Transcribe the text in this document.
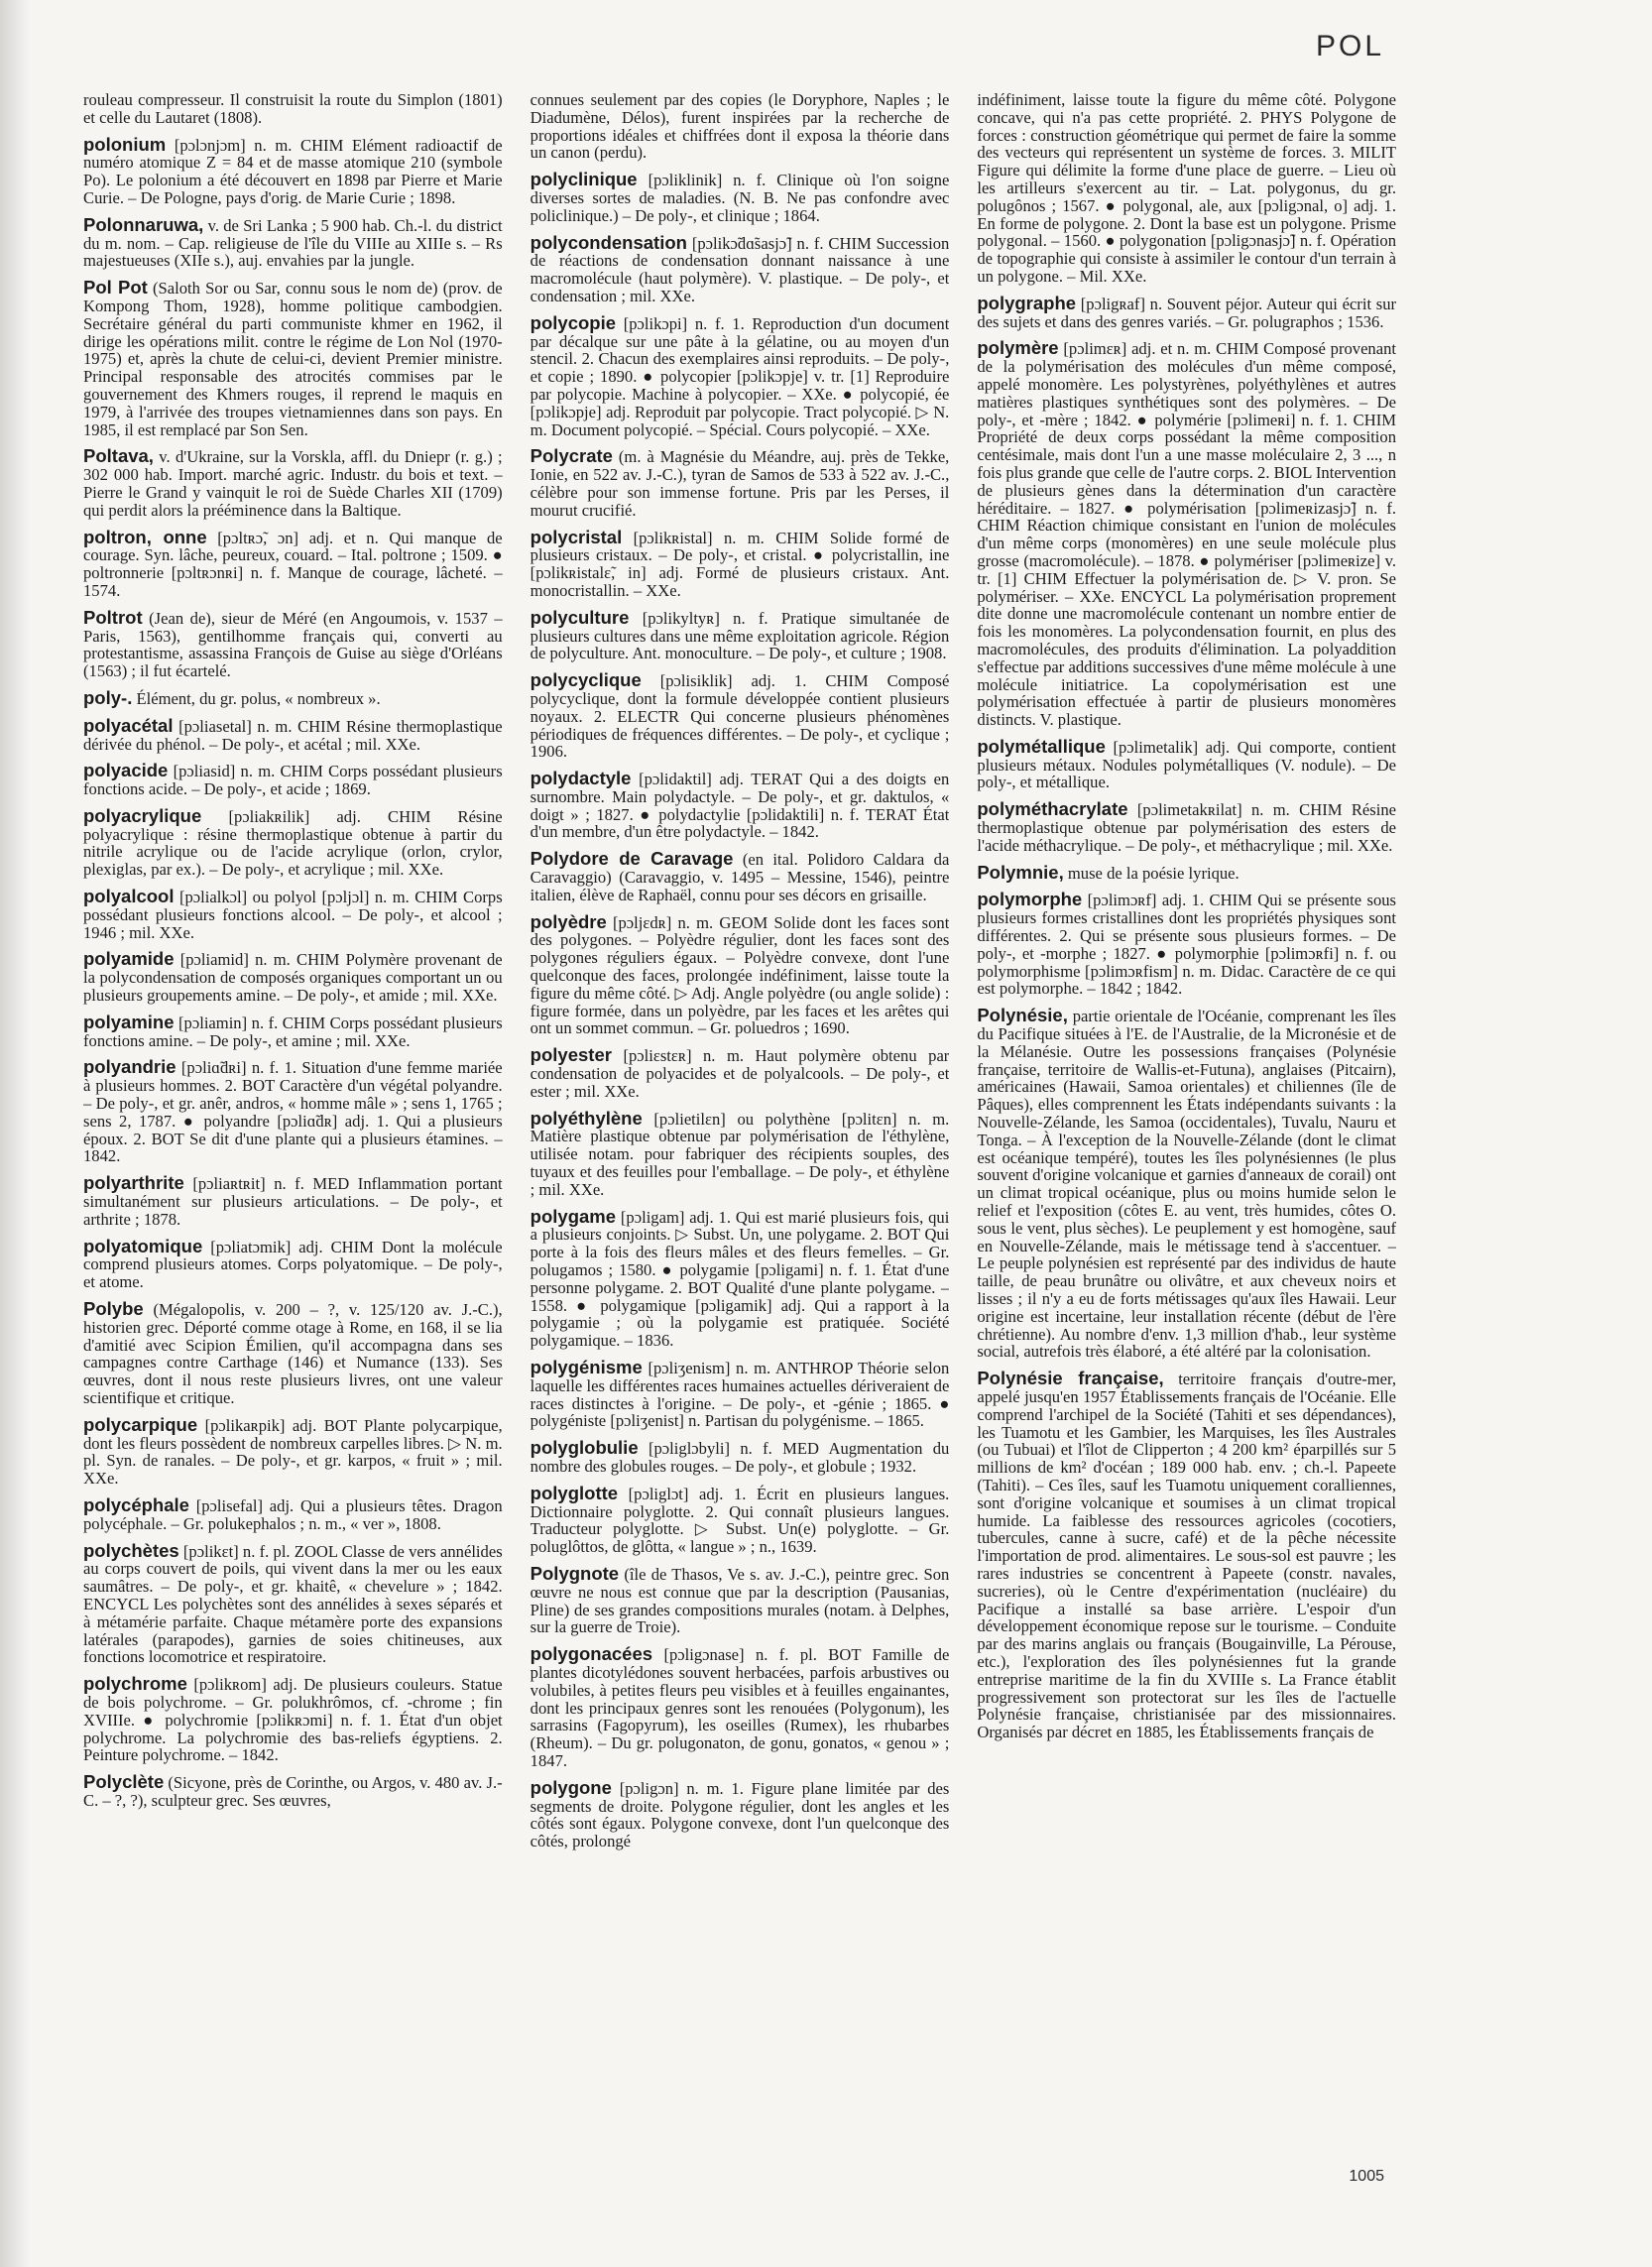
POL

rouleau compresseur. Il construisit la route du Simplon (1801) et celle du Lautaret (1808).

polonium [pɔlɔnjɔm] n. m. CHIM Elément radioactif de numéro atomique Z = 84 et de masse atomique 210 (symbole Po). Le polonium a été découvert en 1898 par Pierre et Marie Curie. – De Pologne, pays d'orig. de Marie Curie ; 1898.

Polonnaruwa, v. de Sri Lanka ; 5 900 hab. Ch.-l. du district du m. nom. – Cap. religieuse de l'île du VIIIe au XIIIe s. – Rs majestueuses (XIIe s.), auj. envahies par la jungle.

Pol Pot (Saloth Sor ou Sar, connu sous le nom de) (prov. de Kompong Thom, 1928), homme politique cambodgien. Secrétaire général du parti communiste khmer en 1962, il dirige les opérations milit. contre le régime de Lon Nol (1970-1975) et, après la chute de celui-ci, devient Premier ministre. Principal responsable des atrocités commises par le gouvernement des Khmers rouges, il reprend le maquis en 1979, à l'arrivée des troupes vietnamiennes dans son pays. En 1985, il est remplacé par Son Sen.

Poltava, v. d'Ukraine, sur la Vorskla, affl. du Dniepr (r. g.) ; 302 000 hab. Import. marché agric. Industr. du bois et text. – Pierre le Grand y vainquit le roi de Suède Charles XII (1709) qui perdit alors la prééminence dans la Baltique.

poltron, onne [pɔltʀɔ̃, ɔn] adj. et n. Qui manque de courage. Syn. lâche, peureux, couard. – Ital. poltrone ; 1509. ● poltronnerie [pɔltʀɔnʀi] n. f. Manque de courage, lâcheté. – 1574.

Poltrot (Jean de), sieur de Méré (en Angoumois, v. 1537 – Paris, 1563), gentilhomme français qui, converti au protestantisme, assassina François de Guise au siège d'Orléans (1563) ; il fut écartelé.

poly-. Élément, du gr. polus, « nombreux ».

polyacétal [pɔliasetal] n. m. CHIM Résine thermoplastique dérivée du phénol. – De poly-, et acétal ; mil. XXe.

polyacide [pɔliasid] n. m. CHIM Corps possédant plusieurs fonctions acide. – De poly-, et acide ; 1869.

polyacrylique [pɔliakʀilik] adj. CHIM Résine polyacrylique : résine thermoplastique obtenue à partir du nitrile acrylique ou de l'acide acrylique (orlon, crylor, plexiglas, par ex.). – De poly-, et acrylique ; mil. XXe.

polyalcool [pɔlialkɔl] ou polyol [pɔljɔl] n. m. CHIM Corps possédant plusieurs fonctions alcool. – De poly-, et alcool ; 1946 ; mil. XXe.

polyamide [pɔliamid] n. m. CHIM Polymère provenant de la polycondensation de composés organiques comportant un ou plusieurs groupements amine. – De poly-, et amide ; mil. XXe.

polyamine [pɔliamin] n. f. CHIM Corps possédant plusieurs fonctions amine. – De poly-, et amine ; mil. XXe.

polyandrie [pɔliɑ̃dʀi] n. f. 1. Situation d'une femme mariée à plusieurs hommes. 2. BOT Caractère d'un végétal polyandre. – De poly-, et gr. anêr, andros, « homme mâle » ; sens 1, 1765 ; sens 2, 1787. ● polyandre [pɔliɑ̃dʀ] adj. 1. Qui a plusieurs époux. 2. BOT Se dit d'une plante qui a plusieurs étamines. – 1842.

polyarthrite [pɔliaʀtʀit] n. f. MED Inflammation portant simultanément sur plusieurs articulations. – De poly-, et arthrite ; 1878.

polyatomique [pɔliatɔmik] adj. CHIM Dont la molécule comprend plusieurs atomes. Corps polyatomique. – De poly-, et atome.

Polybe (Mégalopolis, v. 200 – ?, v. 125/120 av. J.-C.), historien grec. Déporté comme otage à Rome, en 168, il se lia d'amitié avec Scipion Émilien, qu'il accompagna dans ses campagnes contre Carthage (146) et Numance (133). Ses œuvres, dont il nous reste plusieurs livres, ont une valeur scientifique et critique.

polycarpique [pɔlikaʀpik] adj. BOT Plante polycarpique, dont les fleurs possèdent de nombreux carpelles libres. ▷ N. m. pl. Syn. de ranales. – De poly-, et gr. karpos, « fruit » ; mil. XXe.

polycéphale [pɔlisefal] adj. Qui a plusieurs têtes. Dragon polycéphale. – Gr. polukephalos ; n. m., « ver », 1808.

polychètes [pɔlikɛt] n. f. pl. ZOOL Classe de vers annélides au corps couvert de poils, qui vivent dans la mer ou les eaux saumâtres. – De poly-, et gr. khaitê, « chevelure » ; 1842. ENCYCL Les polychètes sont des annélides à sexes séparés et à métamérie parfaite. Chaque métamère porte des expansions latérales (parapodes), garnies de soies chitineuses, aux fonctions locomotrice et respiratoire.

polychrome [pɔlikʀom] adj. De plusieurs couleurs. Statue de bois polychrome. – Gr. polukhrômos, cf. -chrome ; fin XVIIIe. ● polychromie [pɔlikʀɔmi] n. f. 1. État d'un objet polychrome. La polychromie des bas-reliefs égyptiens. 2. Peinture polychrome. – 1842.

Polyclète (Sicyone, près de Corinthe, ou Argos, v. 480 av. J.-C. – ?, ?), sculpteur grec. Ses œuvres,

connues seulement par des copies (le Doryphore, Naples ; le Diadumène, Délos), furent inspirées par la recherche de proportions idéales et chiffrées dont il exposa la théorie dans un canon (perdu).

polyclinique [pɔliklinik] n. f. Clinique où l'on soigne diverses sortes de maladies. (N. B. Ne pas confondre avec policlinique.) – De poly-, et clinique ; 1864.

polycondensation [pɔlikɔ̃dɑ̃sasjɔ̃] n. f. CHIM Succession de réactions de condensation donnant naissance à une macromolécule (haut polymère). V. plastique. – De poly-, et condensation ; mil. XXe.

polycopie [pɔlikɔpi] n. f. 1. Reproduction d'un document par décalque sur une pâte à la gélatine, ou au moyen d'un stencil. 2. Chacun des exemplaires ainsi reproduits. – De poly-, et copie ; 1890. ● polycopier [pɔlikɔpje] v. tr. [1] Reproduire par polycopie. Machine à polycopier. – XXe. ● polycopié, ée [pɔlikɔpje] adj. Reproduit par polycopie. Tract polycopié. ▷ N. m. Document polycopié. – Spécial. Cours polycopié. – XXe.

Polycrate (m. à Magnésie du Méandre, auj. près de Tekke, Ionie, en 522 av. J.-C.), tyran de Samos de 533 à 522 av. J.-C., célèbre pour son immense fortune. Pris par les Perses, il mourut crucifié.

polycristal [pɔlikʀistal] n. m. CHIM Solide formé de plusieurs cristaux. – De poly-, et cristal. ● polycristallin, ine [pɔlikʀistalɛ̃, in] adj. Formé de plusieurs cristaux. Ant. monocristallin. – XXe.

polyculture [pɔlikyltyʀ] n. f. Pratique simultanée de plusieurs cultures dans une même exploitation agricole. Région de polyculture. Ant. monoculture. – De poly-, et culture ; 1908.

polycyclique [pɔlisiklik] adj. 1. CHIM Composé polycyclique, dont la formule développée contient plusieurs noyaux. 2. ELECTR Qui concerne plusieurs phénomènes périodiques de fréquences différentes. – De poly-, et cyclique ; 1906.

polydactyle [pɔlidaktil] adj. TERAT Qui a des doigts en surnombre. Main polydactyle. – De poly-, et gr. daktulos, « doigt » ; 1827. ● polydactylie [pɔlidaktili] n. f. TERAT État d'un membre, d'un être polydactyle. – 1842.

Polydore de Caravage (en ital. Polidoro Caldara da Caravaggio) (Caravaggio, v. 1495 – Messine, 1546), peintre italien, élève de Raphaël, connu pour ses décors en grisaille.

polyèdre [pɔljɛdʀ] n. m. GEOM Solide dont les faces sont des polygones. – Polyèdre régulier, dont les faces sont des polygones réguliers égaux. – Polyèdre convexe, dont l'une quelconque des faces, prolongée indéfiniment, laisse toute la figure du même côté. ▷ Adj. Angle polyèdre (ou angle solide) : figure formée, dans un polyèdre, par les faces et les arêtes qui ont un sommet commun. – Gr. poluedros ; 1690.

polyester [pɔliɛstɛʀ] n. m. Haut polymère obtenu par condensation de polyacides et de polyalcools. – De poly-, et ester ; mil. XXe.

polyéthylène [pɔlietilɛn] ou polythène [pɔlitɛn] n. m. Matière plastique obtenue par polymérisation de l'éthylène, utilisée notam. pour fabriquer des récipients souples, des tuyaux et des feuilles pour l'emballage. – De poly-, et éthylène ; mil. XXe.

polygame [pɔligam] adj. 1. Qui est marié plusieurs fois, qui a plusieurs conjoints. ▷ Subst. Un, une polygame. 2. BOT Qui porte à la fois des fleurs mâles et des fleurs femelles. – Gr. polugamos ; 1580. ● polygamie [pɔligami] n. f. 1. État d'une personne polygame. 2. BOT Qualité d'une plante polygame. – 1558. ● polygamique [pɔligamik] adj. Qui a rapport à la polygamie ; où la polygamie est pratiquée. Société polygamique. – 1836.

polygénisme [pɔliʒenism] n. m. ANTHROP Théorie selon laquelle les différentes races humaines actuelles dériveraient de races distinctes à l'origine. – De poly-, et -génie ; 1865. ● polygéniste [pɔliʒenist] n. Partisan du polygénisme. – 1865.

polyglobulie [pɔliglɔbyli] n. f. MED Augmentation du nombre des globules rouges. – De poly-, et globule ; 1932.

polyglotte [pɔliglɔt] adj. 1. Écrit en plusieurs langues. Dictionnaire polyglotte. 2. Qui connaît plusieurs langues. Traducteur polyglotte. ▷ Subst. Un(e) polyglotte. – Gr. poluglôttos, de glôtta, « langue » ; n., 1639.

Polygnote (île de Thasos, Ve s. av. J.-C.), peintre grec. Son œuvre ne nous est connue que par la description (Pausanias, Pline) de ses grandes compositions murales (notam. à Delphes, sur la guerre de Troie).

polygonacées [pɔligɔnase] n. f. pl. BOT Famille de plantes dicotylédones souvent herbacées, parfois arbustives ou volubiles, à petites fleurs peu visibles et à feuilles engainantes, dont les principaux genres sont les renouées (Polygonum), les sarrasins (Fagopyrum), les oseilles (Rumex), les rhubarbes (Rheum). – Du gr. polugonaton, de gonu, gonatos, « genou » ; 1847.

polygone [pɔligɔn] n. m. 1. Figure plane limitée par des segments de droite. Polygone régulier, dont les angles et les côtés sont égaux. Polygone convexe, dont l'un quelconque des côtés, prolongé

indéfiniment, laisse toute la figure du même côté. Polygone concave, qui n'a pas cette propriété. 2. PHYS Polygone de forces : construction géométrique qui permet de faire la somme des vecteurs qui représentent un système de forces. 3. MILIT Figure qui délimite la forme d'une place de guerre. – Lieu où les artilleurs s'exercent au tir. – Lat. polygonus, du gr. polugônos ; 1567. ● polygonal, ale, aux [pɔligɔnal, o] adj. 1. En forme de polygone. 2. Dont la base est un polygone. Prisme polygonal. – 1560. ● polygonation [pɔligɔnasjɔ̃] n. f. Opération de topographie qui consiste à assimiler le contour d'un terrain à un polygone. – Mil. XXe.

polygraphe [pɔligʀaf] n. Souvent péjor. Auteur qui écrit sur des sujets et dans des genres variés. – Gr. polugraphos ; 1536.

polymère [pɔlimɛʀ] adj. et n. m. CHIM Composé provenant de la polymérisation des molécules d'un même composé, appelé monomère. Les polystyrènes, polyéthylènes et autres matières plastiques synthétiques sont des polymères. – De poly-, et -mère ; 1842. ● polymérie [pɔlimeʀi] n. f. 1. CHIM Propriété de deux corps possédant la même composition centésimale, mais dont l'un a une masse moléculaire 2, 3 ..., n fois plus grande que celle de l'autre corps. 2. BIOL Intervention de plusieurs gènes dans la détermination d'un caractère héréditaire. – 1827. ● polymérisation [pɔlimeʀizasjɔ̃] n. f. CHIM Réaction chimique consistant en l'union de molécules d'un même corps (monomères) en une seule molécule plus grosse (macromolécule). – 1878. ● polymériser [pɔlimeʀize] v. tr. [1] CHIM Effectuer la polymérisation de. ▷ V. pron. Se polymériser. – XXe. ENCYCL La polymérisation proprement dite donne une macromolécule contenant un nombre entier de fois les monomères. La polycondensation fournit, en plus des macromolécules, des produits d'élimination. La polyaddition s'effectue par additions successives d'une même molécule à une molécule initiatrice. La copolymérisation est une polymérisation effectuée à partir de plusieurs monomères distincts. V. plastique.

polymétallique [pɔlimetalik] adj. Qui comporte, contient plusieurs métaux. Nodules polymétalliques (V. nodule). – De poly-, et métallique.

polyméthacrylate [pɔlimetakʀilat] n. m. CHIM Résine thermoplastique obtenue par polymérisation des esters de l'acide méthacrylique. – De poly-, et méthacrylique ; mil. XXe.

Polymnie, muse de la poésie lyrique.

polymorphe [pɔlimɔʀf] adj. 1. CHIM Qui se présente sous plusieurs formes cristallines dont les propriétés physiques sont différentes. 2. Qui se présente sous plusieurs formes. – De poly-, et -morphe ; 1827. ● polymorphie [pɔlimɔʀfi] n. f. ou polymorphisme [pɔlimɔʀfism] n. m. Didac. Caractère de ce qui est polymorphe. – 1842 ; 1842.

Polynésie, partie orientale de l'Océanie, comprenant les îles du Pacifique situées à l'E. de l'Australie, de la Micronésie et de la Mélanésie. Outre les possessions françaises (Polynésie française, territoire de Wallis-et-Futuna), anglaises (Pitcairn), américaines (Hawaii, Samoa orientales) et chiliennes (île de Pâques), elles comprennent les États indépendants suivants : la Nouvelle-Zélande, les Samoa (occidentales), Tuvalu, Nauru et Tonga. – À l'exception de la Nouvelle-Zélande (dont le climat est océanique tempéré), toutes les îles polynésiennes (le plus souvent d'origine volcanique et garnies d'anneaux de corail) ont un climat tropical océanique, plus ou moins humide selon le relief et l'exposition (côtes E. au vent, très humides, côtes O. sous le vent, plus sèches). Le peuplement y est homogène, sauf en Nouvelle-Zélande, mais le métissage tend à s'accentuer. – Le peuple polynésien est représenté par des individus de haute taille, de peau brunâtre ou olivâtre, et aux cheveux noirs et lisses ; il n'y a eu de forts métissages qu'aux îles Hawaii. Leur origine est incertaine, leur installation récente (début de l'ère chrétienne). Au nombre d'env. 1,3 million d'hab., leur système social, autrefois très élaboré, a été altéré par la colonisation.

Polynésie française, territoire français d'outre-mer, appelé jusqu'en 1957 Établissements français de l'Océanie. Elle comprend l'archipel de la Société (Tahiti et ses dépendances), les Tuamotu et les Gambier, les Marquises, les îles Australes (ou Tubuai) et l'îlot de Clipperton ; 4 200 km² éparpillés sur 5 millions de km² d'océan ; 189 000 hab. env. ; ch.-l. Papeete (Tahiti). – Ces îles, sauf les Tuamotu uniquement coralliennes, sont d'origine volcanique et soumises à un climat tropical humide. La faiblesse des ressources agricoles (cocotiers, tubercules, canne à sucre, café) et de la pêche nécessite l'importation de prod. alimentaires. Le sous-sol est pauvre ; les rares industries se concentrent à Papeete (constr. navales, sucreries), où le Centre d'expérimentation (nucléaire) du Pacifique a installé sa base arrière. L'espoir d'un développement économique repose sur le tourisme. – Conduite par des marins anglais ou français (Bougainville, La Pérouse, etc.), l'exploration des îles polynésiennes fut la grande entreprise maritime de la fin du XVIIIe s. La France établit progressivement son protectorat sur les îles de l'actuelle Polynésie française, christianisée par des missionnaires. Organisés par décret en 1885, les Établissements français de

1005
